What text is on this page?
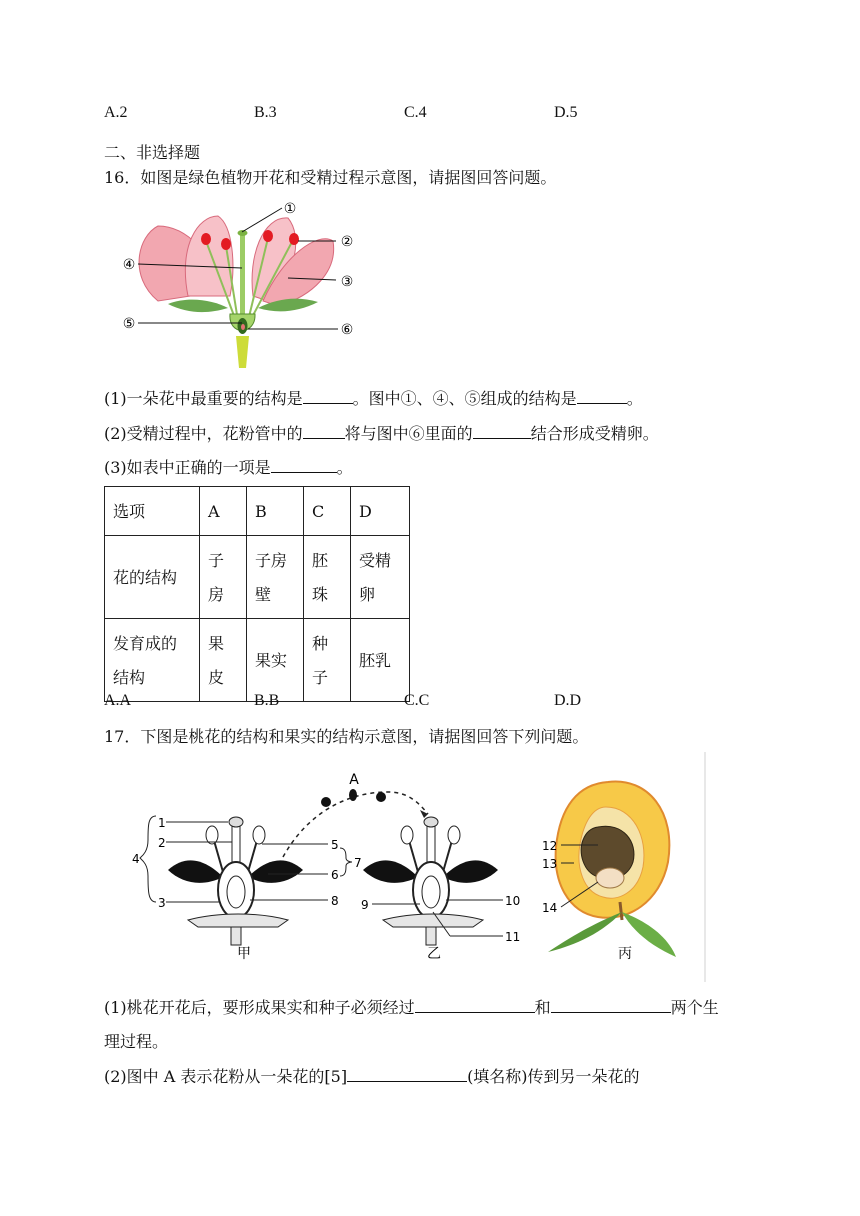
A.2	B.3	C.4	D.5
二、非选择题
16．如图是绿色植物开花和受精过程示意图，请据图回答问题。
①
②
③
④
⑤	⑥
(1)一朵花中最重要的结构是	。图中①、④、⑤组成的结构是	。
(2)受精过程中，花粉管中的	将与图中⑥里面的	结合形成受精卵。
(3)如表中正确的一项是	。
选项	A	B	C	D
花的结构	子房	子房壁	胚珠	受精卵
发育成的结构	果皮	果实	种子	胚乳
A.A	B.B	C.C	D.D
17．下图是桃花的结构和果实的结构示意图，请据图回答下列问题。
A
1
2
3
4
5
6
7
8 9	10
11
12
13
14
甲	乙	丙
(1)桃花开花后，要形成果实和种子必须经过	和	两个生
理过程。
(2)图中 A 表示花粉从一朵花的[5]	(填名称)传到另一朵花的
